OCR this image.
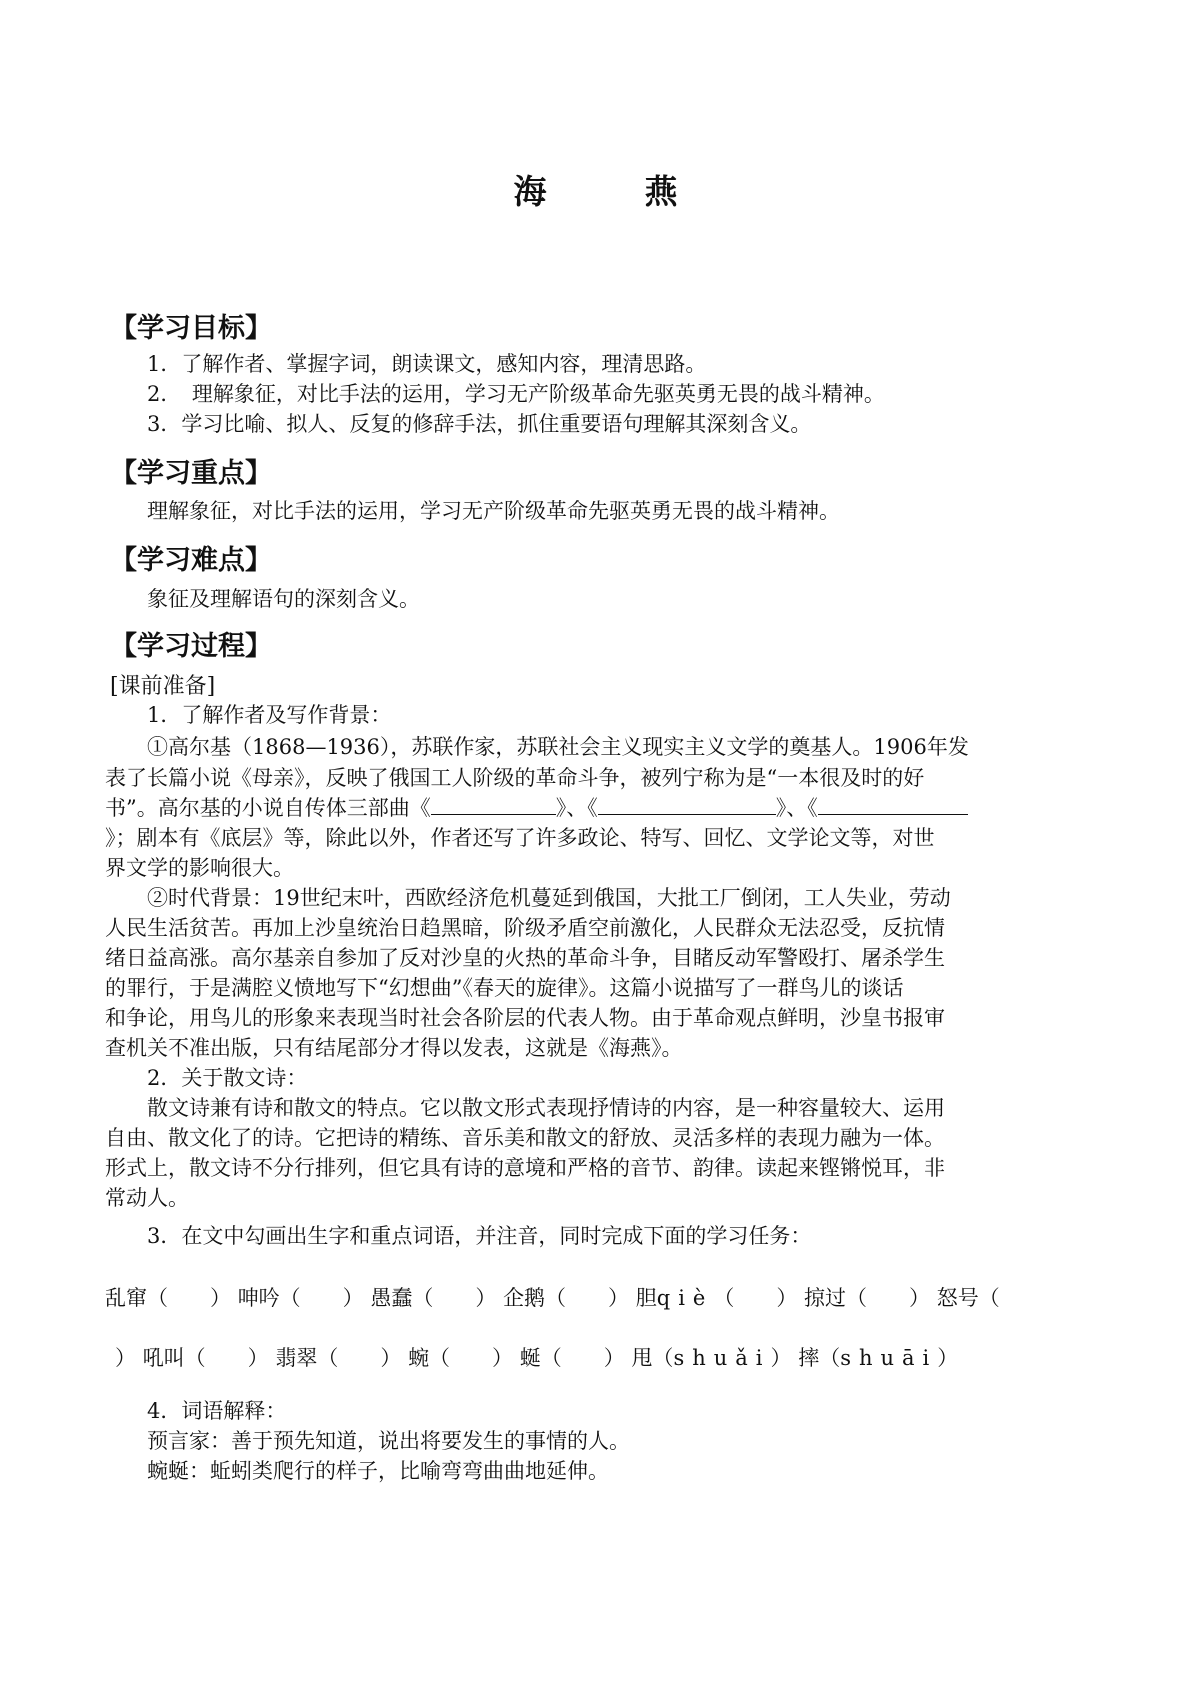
海	燕
【学习目标】
1．了解作者、掌握字词，朗读课文，感知内容，理清思路。
2．　理解象征，对比手法的运用，学习无产阶级革命先驱英勇无畏的战斗精神。
3．学习比喻、拟人、反复的修辞手法，抓住重要语句理解其深刻含义。
【学习重点】
理解象征，对比手法的运用，学习无产阶级革命先驱英勇无畏的战斗精神。
【学习难点】
象征及理解语句的深刻含义。
【学习过程】
[课前准备]
1．了解作者及写作背景：
①高尔基（1868—1936），苏联作家，苏联社会主义现实主义文学的奠基人。1906年发
表了长篇小说《母亲》，反映了俄国工人阶级的革命斗争，被列宁称为是“一本很及时的好
书”。高尔基的小说自传体三部曲《	》、《	》、《
》；剧本有《底层》等，除此以外，作者还写了许多政论、特写、回忆、文学论文等，对世
界文学的影响很大。
②时代背景：19世纪末叶，西欧经济危机蔓延到俄国，大批工厂倒闭，工人失业，劳动
人民生活贫苦。再加上沙皇统治日趋黑暗，阶级矛盾空前激化，人民群众无法忍受，反抗情
绪日益高涨。高尔基亲自参加了反对沙皇的火热的革命斗争，目睹反动军警殴打、屠杀学生
的罪行，于是满腔义愤地写下“幻想曲”《春天的旋律》。这篇小说描写了一群鸟儿的谈话
和争论，用鸟儿的形象来表现当时社会各阶层的代表人物。由于革命观点鲜明，沙皇书报审
查机关不准出版，只有结尾部分才得以发表，这就是《海燕》。
2．关于散文诗：
散文诗兼有诗和散文的特点。它以散文形式表现抒情诗的内容，是一种容量较大、运用
自由、散文化了的诗。它把诗的精练、音乐美和散文的舒放、灵活多样的表现力融为一体。
形式上，散文诗不分行排列，但它具有诗的意境和严格的音节、韵律。读起来铿锵悦耳，非
常动人。
3．在文中勾画出生字和重点词语，并注音，同时完成下面的学习任务：
乱窜（　　） 呻吟（　　） 愚蠢（　　） 企鹅（　　） 胆qiè（　　） 掠过（　　） 怒号（
） 吼叫（　　） 翡翠（　　） 蜿（　　） 蜒（　　） 甩（shuǎi） 摔（shuāi）
4．词语解释：
预言家：善于预先知道，说出将要发生的事情的人。
蜿蜒：蚯蚓类爬行的样子，比喻弯弯曲曲地延伸。
